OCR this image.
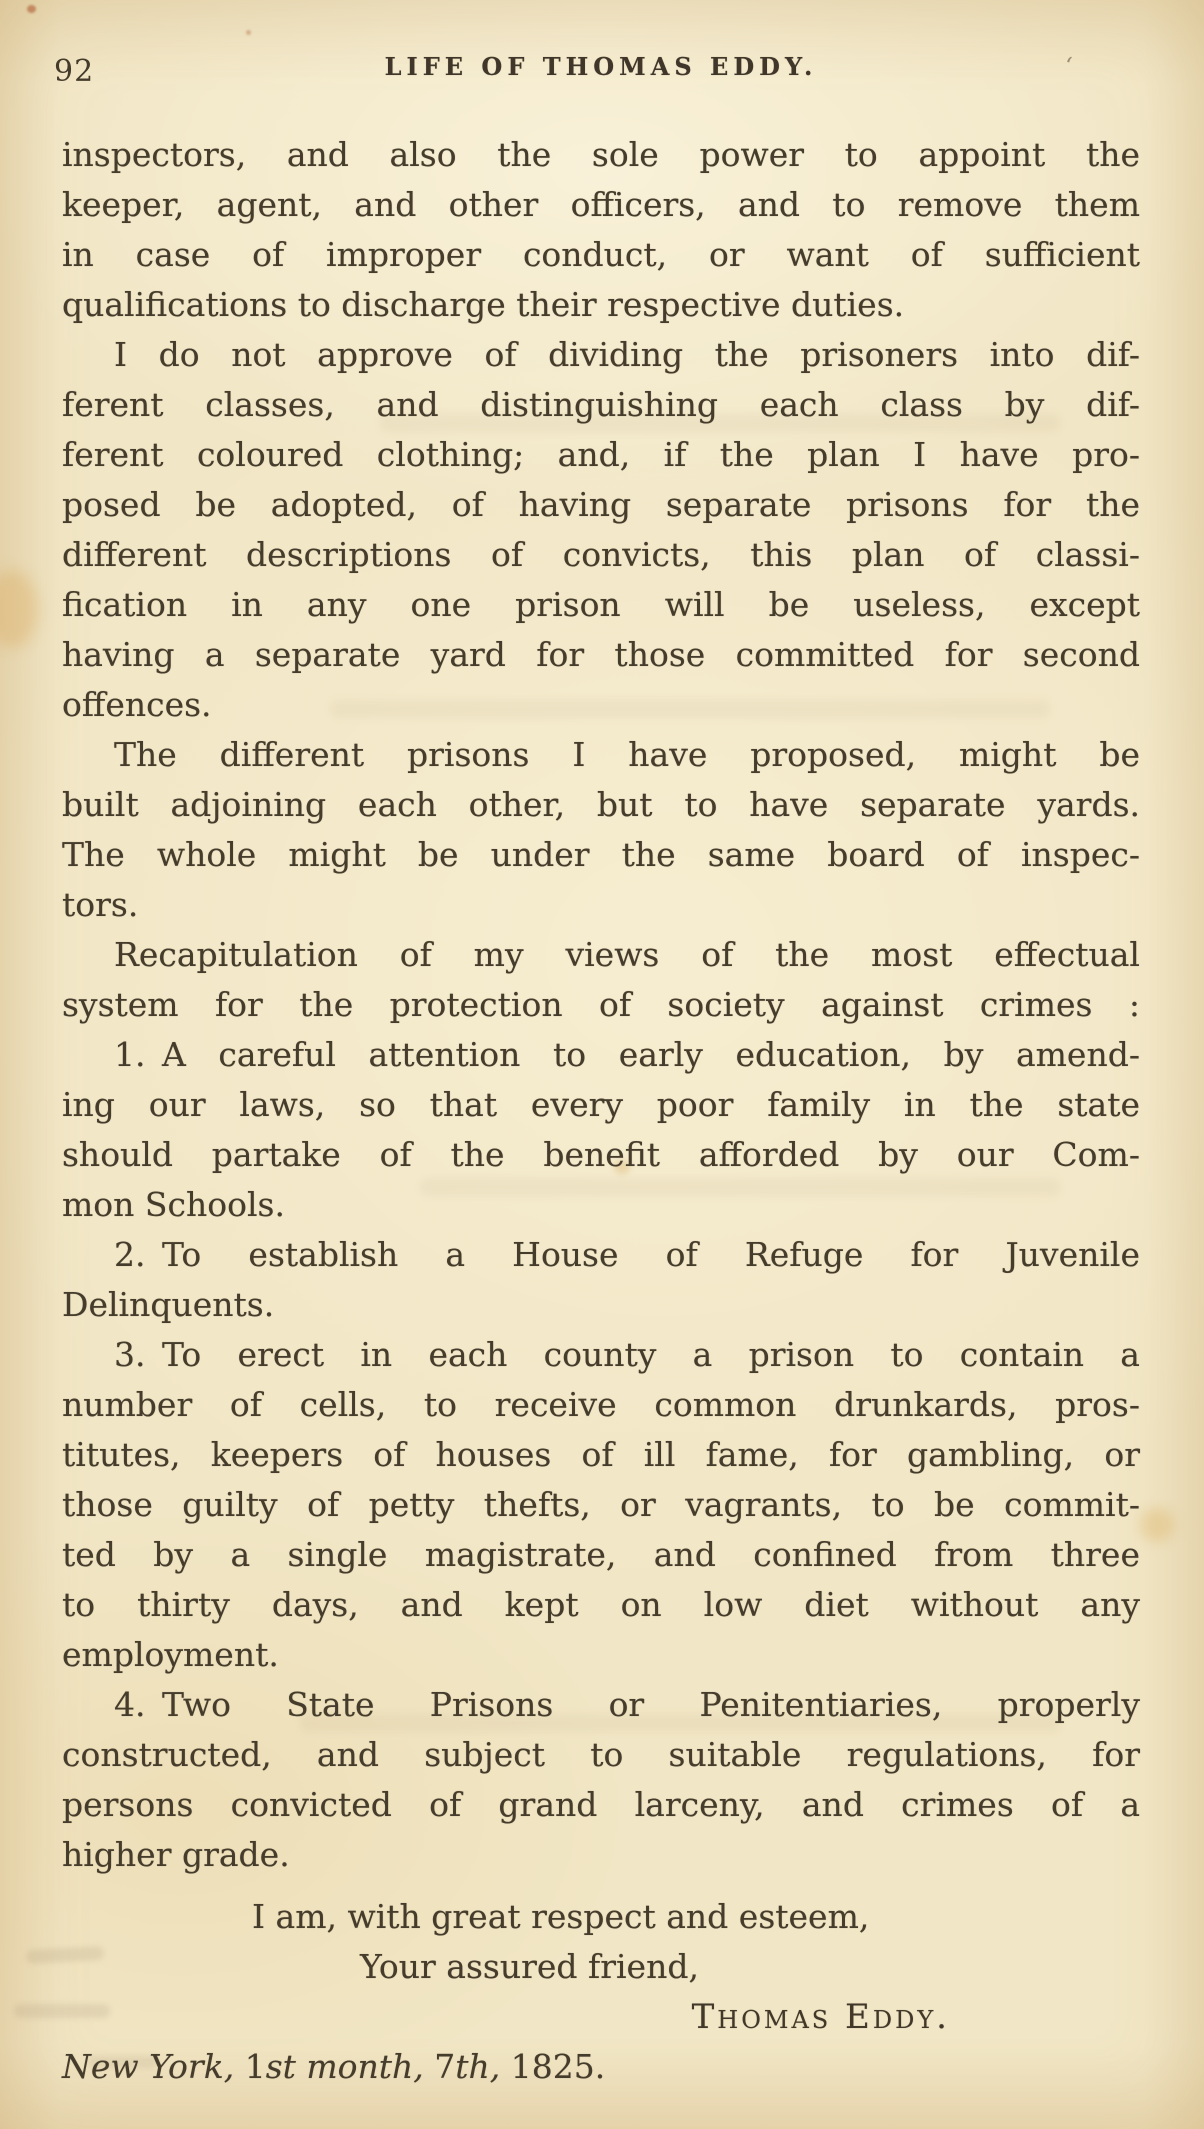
92	LIFE OF THOMAS EDDY.	‘
inspectors, and also the sole power to appoint the
keeper, agent, and other officers, and to remove them
in case of improper conduct, or want of sufficient
qualifications to discharge their respective duties.
I do not approve of dividing the prisoners into dif-
ferent classes, and distinguishing each class by dif-
ferent coloured clothing; and, if the plan I have pro-
posed be adopted, of having separate prisons for the
different descriptions of convicts, this plan of classi-
fication in any one prison will be useless, except
having a separate yard for those committed for second
offences.
The different prisons I have proposed, might be
built adjoining each other, but to have separate yards.
The whole might be under the same board of inspec-
tors.
Recapitulation of my views of the most effectual
system for the protection of society against crimes :
1. A careful attention to early education, by amend-
ing our laws, so that every poor family in the state
should partake of the benefit afforded by our Com-
mon Schools.
2. To establish a House of Refuge for Juvenile
Delinquents.
3. To erect in each county a prison to contain a
number of cells, to receive common drunkards, pros-
titutes, keepers of houses of ill fame, for gambling, or
those guilty of petty thefts, or vagrants, to be commit-
ted by a single magistrate, and confined from three
to thirty days, and kept on low diet without any
employment.
4. Two State Prisons or Penitentiaries, properly
constructed, and subject to suitable regulations, for
persons convicted of grand larceny, and crimes of a
higher grade.
I am, with great respect and esteem,
Your assured friend,
Thomas Eddy.
New York, 1st month, 7th, 1825.
